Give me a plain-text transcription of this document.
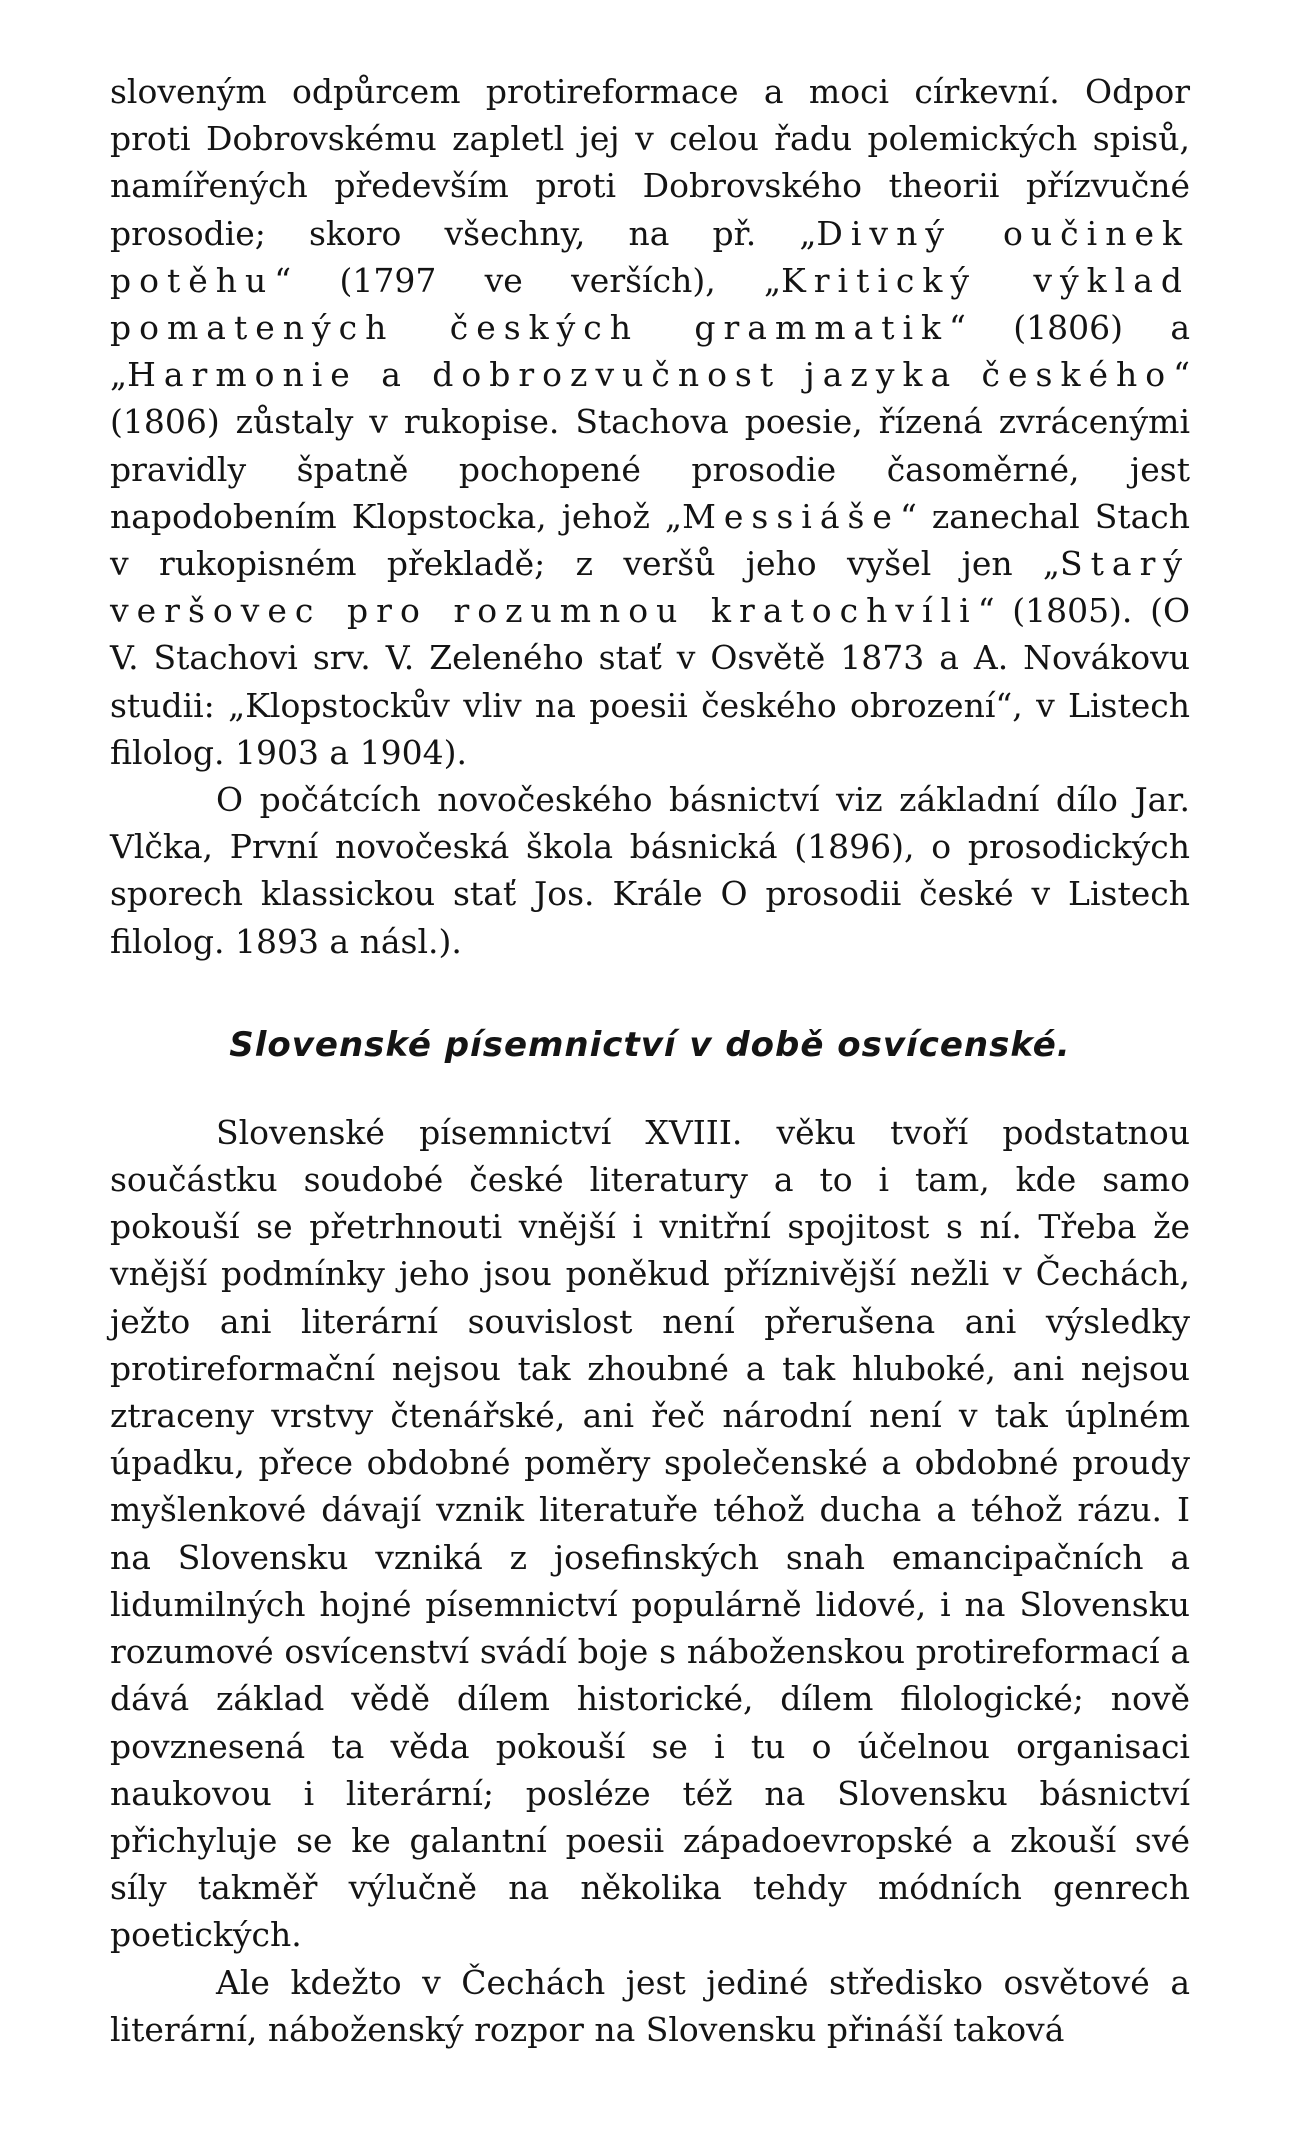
sloveným odpůrcem protireformace a moci církevní. Odpor proti Dobrovskému zapletl jej v celou řadu polemických spisů, namířených především proti Dobrovského theorii přízvučné prosodie; skoro všechny, na př. „Divný oučinek potěhu“ (1797 ve verších), „Kritický výklad pomatených českých grammatik“ (1806) a „Harmonie a dobrozvučnost jazyka českého“ (1806) zůstaly v rukopise. Stachova poesie, řízená zvrácenými pravidly špatně pochopené prosodie časoměrné, jest napodobením Klopstocka, jehož „Messiáše“ zanechal Stach v rukopisném překladě; z veršů jeho vyšel jen „Starý veršovec pro rozumnou kratochvíli“ (1805). (O V. Stachovi srv. V. Zeleného stať v Osvětě 1873 a A. Novákovu studii: „Klopstockův vliv na poesii českého obrození“, v Listech filolog. 1903 a 1904).

O počátcích novočeského básnictví viz základní dílo Jar. Vlčka, První novočeská škola básnická (1896), o prosodických sporech klassickou stať Jos. Krále O prosodii české v Listech filolog. 1893 a násl.).

Slovenské písemnictví v době osvícenské.

Slovenské písemnictví XVIII. věku tvoří podstatnou součástku soudobé české literatury a to i tam, kde samo pokouší se přetrhnouti vnější i vnitřní spojitost s ní. Třeba že vnější podmínky jeho jsou poněkud příznivější nežli v Čechách, ježto ani literární souvislost není přerušena ani výsledky protireformační nejsou tak zhoubné a tak hluboké, ani nejsou ztraceny vrstvy čtenářské, ani řeč národní není v tak úplném úpadku, přece obdobné poměry společenské a obdobné proudy myšlenkové dávají vznik literatuře téhož ducha a téhož rázu. I na Slovensku vzniká z josefinských snah emancipačních a lidumilných hojné písemnictví populárně lidové, i na Slovensku rozumové osvícenství svádí boje s náboženskou protireformací a dává základ vědě dílem historické, dílem filologické; nově povznesená ta věda pokouší se i tu o účelnou organisaci naukovou i literární; posléze též na Slovensku básnictví přichyluje se ke galantní poesii západoevropské a zkouší své síly takměř výlučně na několika tehdy módních genrech poetických.

Ale kdežto v Čechách jest jediné středisko osvětové a literární, náboženský rozpor na Slovensku přináší taková
